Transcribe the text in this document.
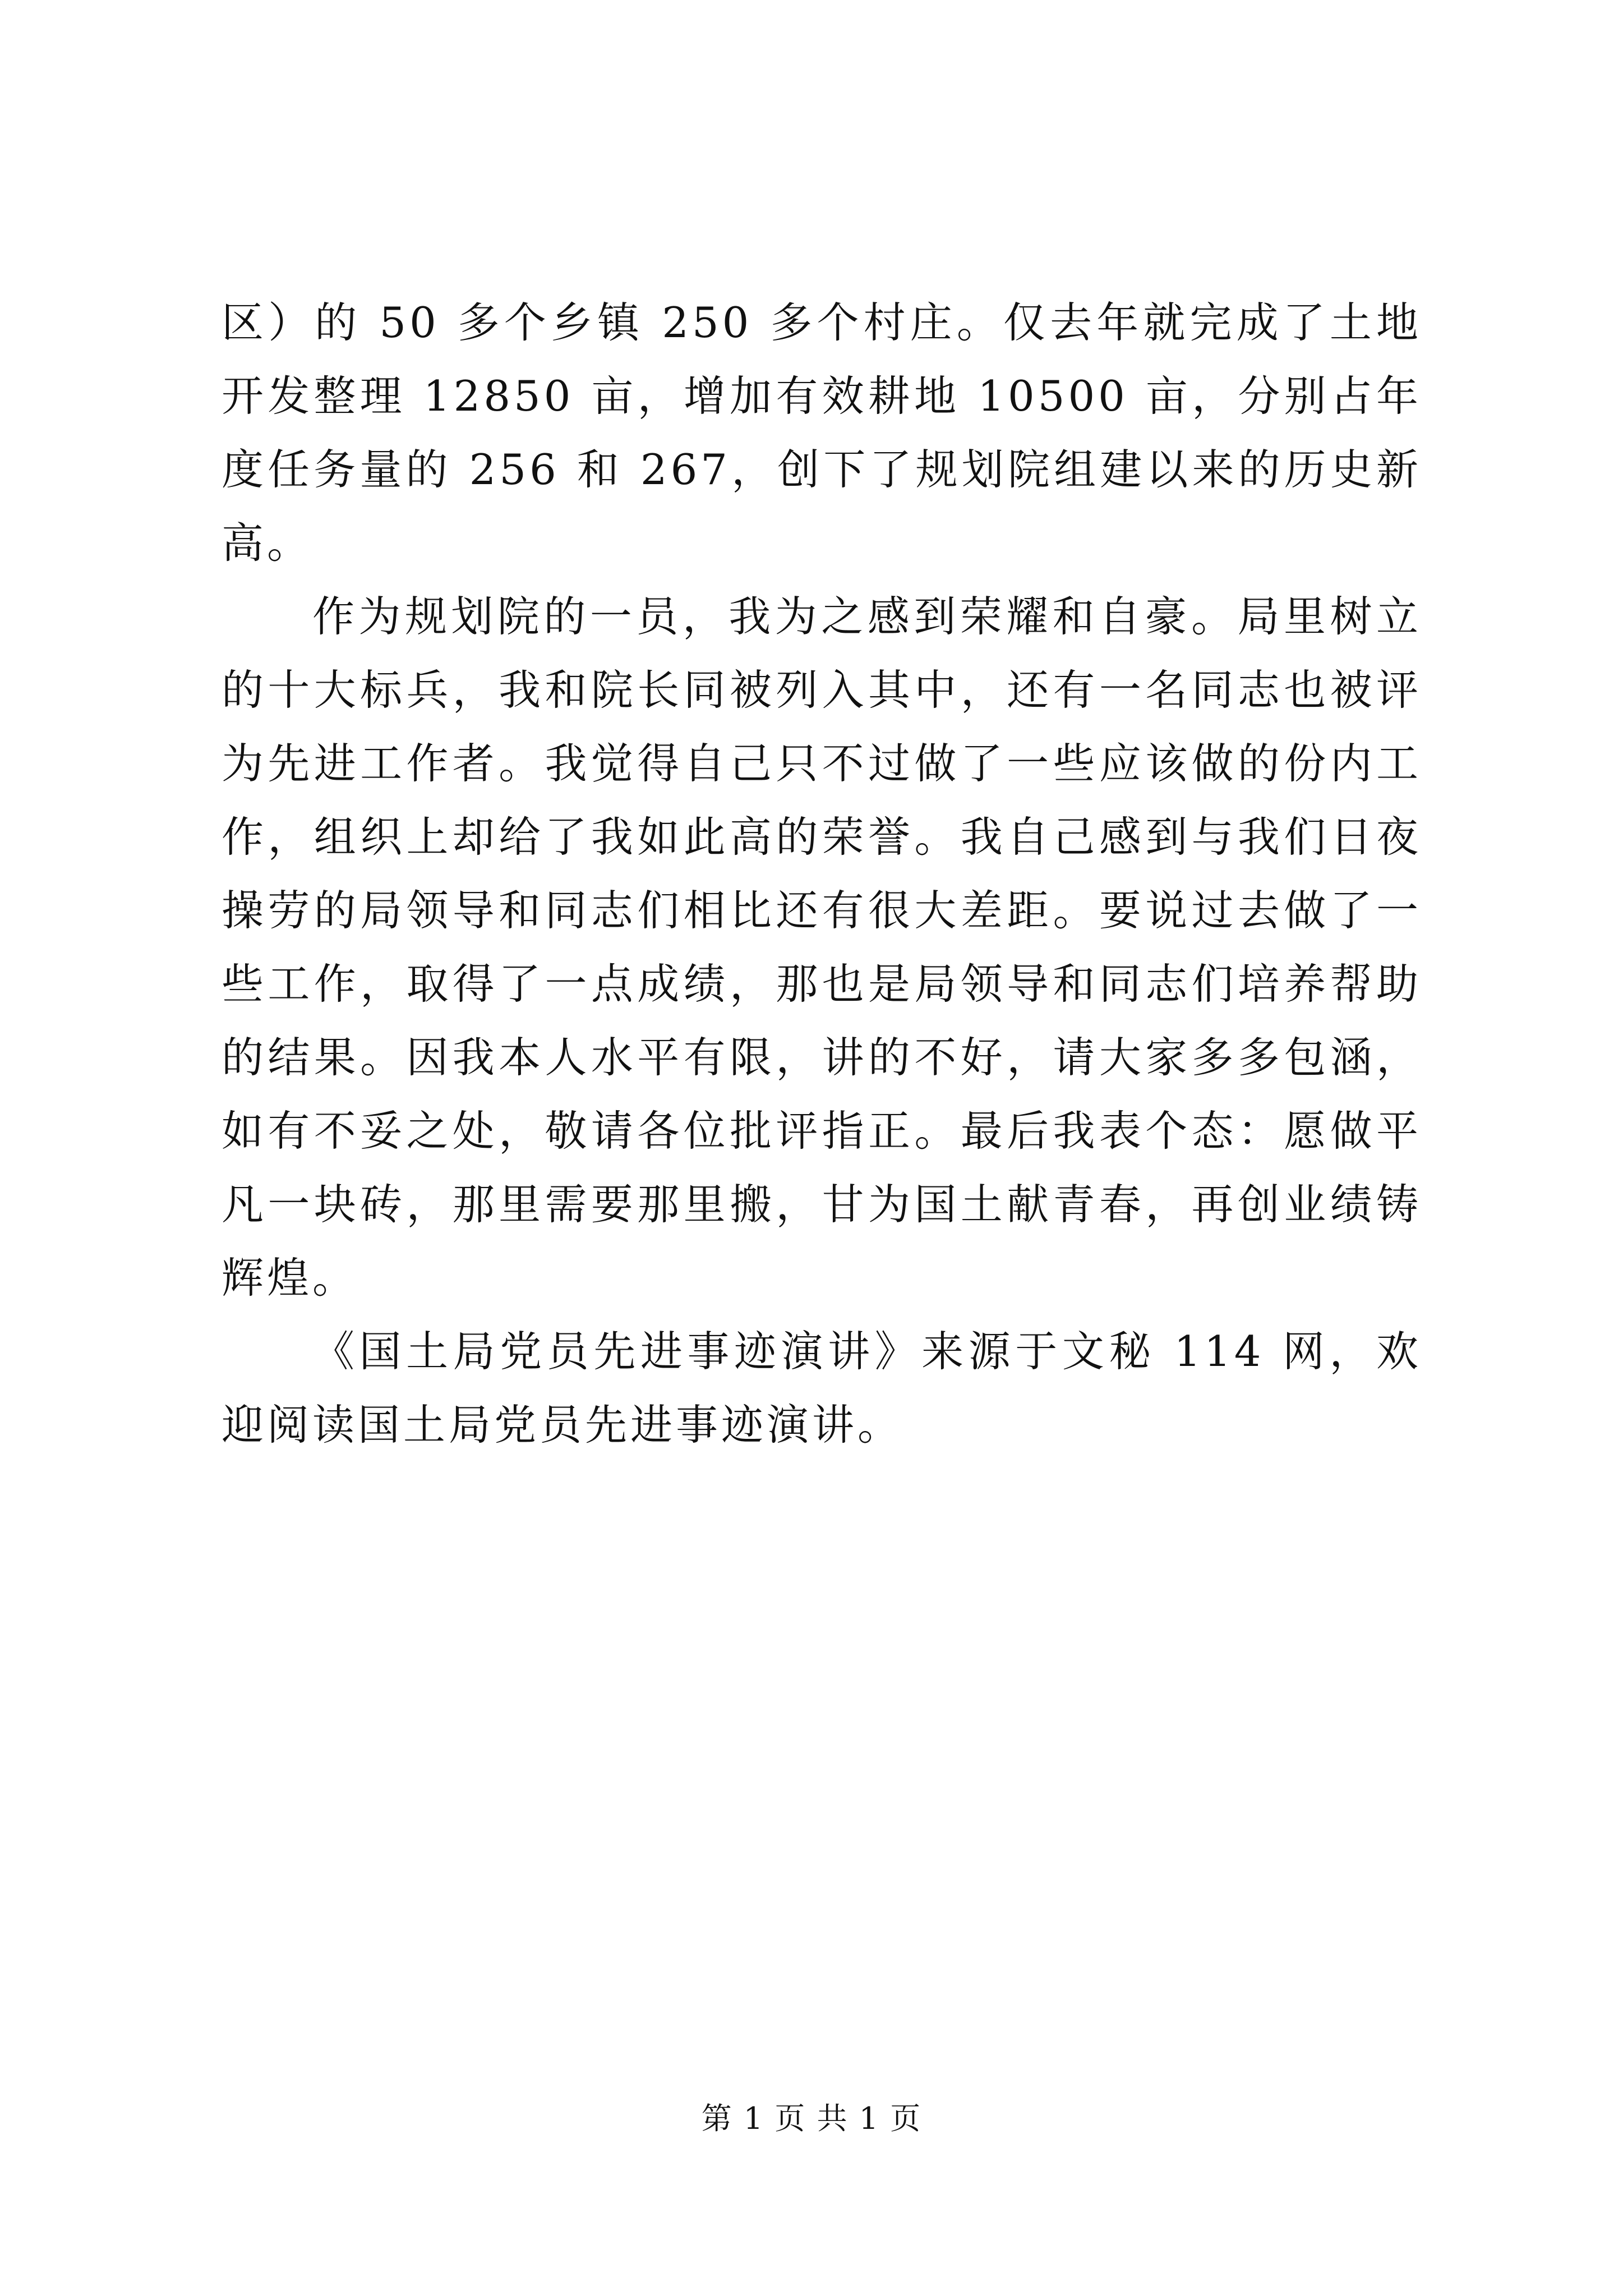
区）的 50 多个乡镇 250 多个村庄。仅去年就完成了土地开发整理 12850 亩，增加有效耕地 10500 亩，分别占年度任务量的 256 和 267，创下了规划院组建以来的历史新高。

作为规划院的一员，我为之感到荣耀和自豪。局里树立的十大标兵，我和院长同被列入其中，还有一名同志也被评为先进工作者。我觉得自己只不过做了一些应该做的份内工作，组织上却给了我如此高的荣誉。我自己感到与我们日夜操劳的局领导和同志们相比还有很大差距。要说过去做了一些工作，取得了一点成绩，那也是局领导和同志们培养帮助的结果。因我本人水平有限，讲的不好，请大家多多包涵，如有不妥之处，敬请各位批评指正。最后我表个态：愿做平凡一块砖，那里需要那里搬，甘为国土献青春，再创业绩铸辉煌。

《国土局党员先进事迹演讲》来源于文秘 114 网，欢迎阅读国土局党员先进事迹演讲。

第 1 页 共 1 页
